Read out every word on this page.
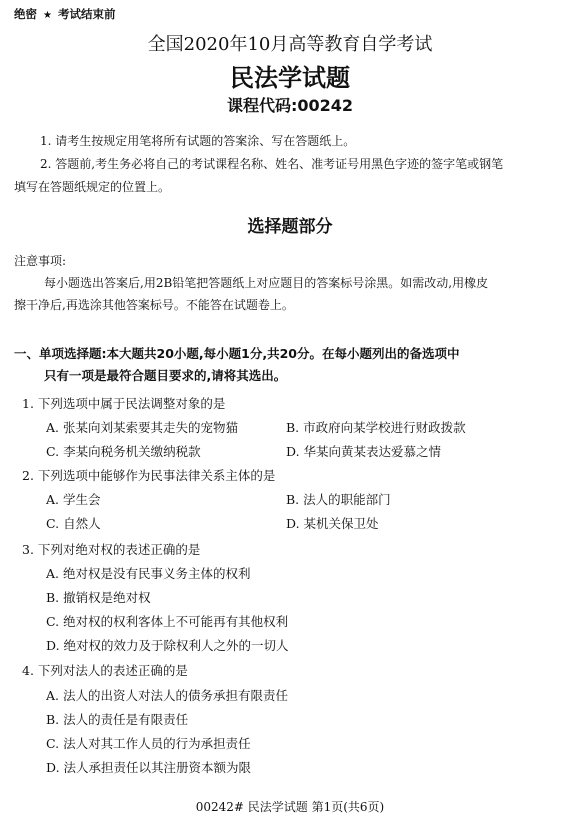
绝密 ★ 考试结束前
全国2020年10月高等教育自学考试
民法学试题
课程代码:00242
1. 请考生按规定用笔将所有试题的答案涂、写在答题纸上。
2. 答题前,考生务必将自己的考试课程名称、姓名、准考证号用黑色字迹的签字笔或钢笔
填写在答题纸规定的位置上。
选择题部分
注意事项:
每小题选出答案后,用2B铅笔把答题纸上对应题目的答案标号涂黑。如需改动,用橡皮
擦干净后,再选涂其他答案标号。不能答在试题卷上。
一、单项选择题:本大题共20小题,每小题1分,共20分。在每小题列出的备选项中
只有一项是最符合题目要求的,请将其选出。
1. 下列选项中属于民法调整对象的是
A. 张某向刘某索要其走失的宠物猫	B. 市政府向某学校进行财政拨款
C. 李某向税务机关缴纳税款	D. 华某向黄某表达爱慕之情
2. 下列选项中能够作为民事法律关系主体的是
A. 学生会	B. 法人的职能部门
C. 自然人	D. 某机关保卫处
3. 下列对绝对权的表述正确的是
A. 绝对权是没有民事义务主体的权利
B. 撤销权是绝对权
C. 绝对权的权利客体上不可能再有其他权利
D. 绝对权的效力及于除权利人之外的一切人
4. 下列对法人的表述正确的是
A. 法人的出资人对法人的债务承担有限责任
B. 法人的责任是有限责任
C. 法人对其工作人员的行为承担责任
D. 法人承担责任以其注册资本额为限
00242# 民法学试题 第1页(共6页)
